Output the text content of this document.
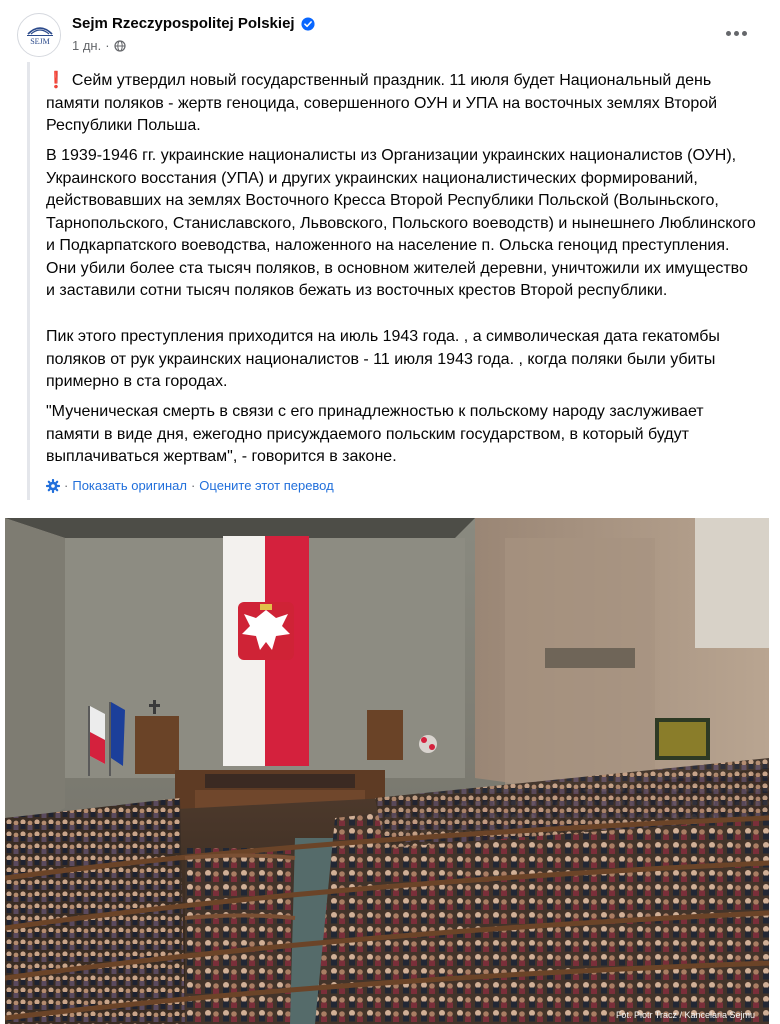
SEJM
Sejm Rzeczypospolitej Polskiej
1 дн. ·

❗ Сейм утвердил новый государственный праздник. 11 июля будет Национальный день памяти поляков - жертв геноцида, совершенного ОУН и УПА на восточных землях Второй Республики Польша.

В 1939-1946 гг. украинские националисты из Организации украинских националистов (ОУН), Украинского восстания (УПА) и других украинских националистических формирований, действовавших на землях Восточного Кресса Второй Республики Польской (Волыньского, Тарнопольского, Станиславского, Львовского, Польского воеводств) и нынешнего Люблинского и Подкарпатского воеводства, наложенного на население п. Ольска геноцид преступления. Они убили более ста тысяч поляков, в основном жителей деревни, уничтожили их имущество и заставили сотни тысяч поляков бежать из восточных крестов Второй республики.

Пик этого преступления приходится на июль 1943 года. , а символическая дата гекатомбы поляков от рук украинских националистов - 11 июля 1943 года. , когда поляки были убиты примерно в ста городах.

"Мученическая смерть в связи с его принадлежностью к польскому народу заслуживает памяти в виде дня, ежегодно присуждаемого польским государством, в который будут выплачиваться жертвам", - говорится в законе.

· Показать оригинал · Оцените этот перевод
Fot. Piotr Tracz / Kancelaria Sejmu
